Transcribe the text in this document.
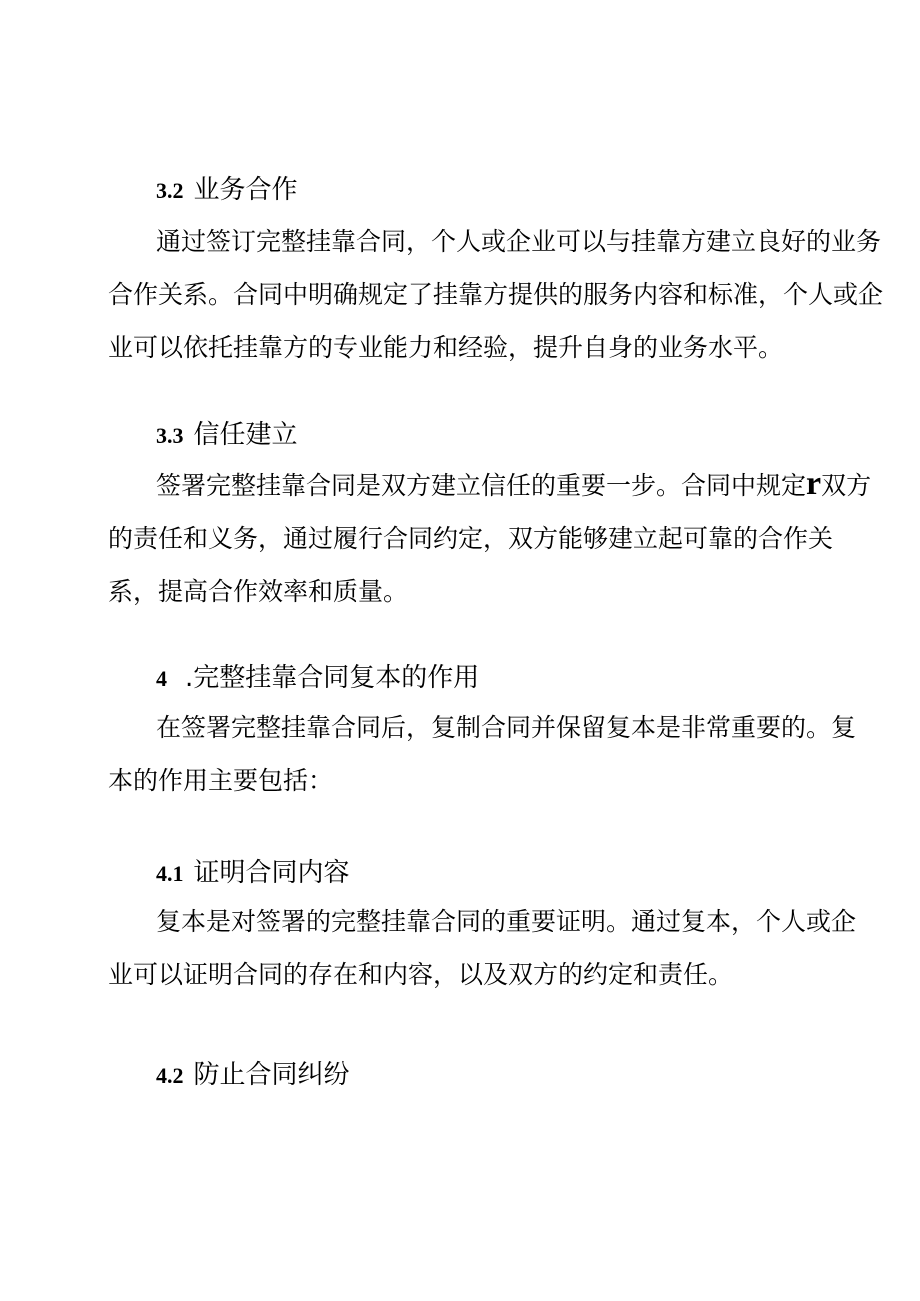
3.2 业务合作

通过签订完整挂靠合同，个人或企业可以与挂靠方建立良好的业务
合作关系。合同中明确规定了挂靠方提供的服务内容和标准，个人或企
业可以依托挂靠方的专业能力和经验，提升自身的业务水平。

3.3 信任建立

签署完整挂靠合同是双方建立信任的重要一步。合同中规定r双方
的责任和义务，通过履行合同约定，双方能够建立起可靠的合作关
系，提高合作效率和质量。

4 .完整挂靠合同复本的作用

在签署完整挂靠合同后，复制合同并保留复本是非常重要的。复
本的作用主要包括：

4.1 证明合同内容

复本是对签署的完整挂靠合同的重要证明。通过复本，个人或企
业可以证明合同的存在和内容，以及双方的约定和责任。

4.2 防止合同纠纷
